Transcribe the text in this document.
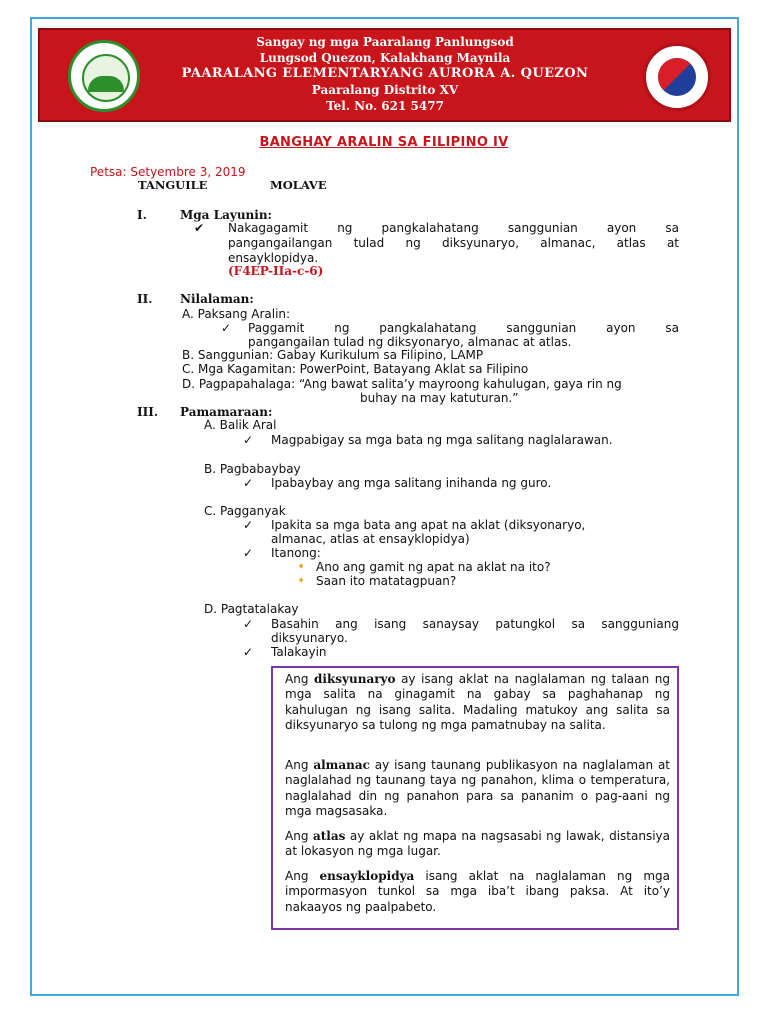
Sangay ng mga Paaralang Panlungsod
Lungsod Quezon, Kalakhang Maynila
PAARALANG ELEMENTARYANG AURORA A. QUEZON
Paaralang Distrito XV
Tel. No. 621 5477
BANGHAY ARALIN SA FILIPINO IV
Petsa: Setyembre 3, 2019
TANGUILE	MOLAVE
I.	Mga Layunin:
✔ Nakagagamit ng pangkalahatang sanggunian ayon sa
pangangailangan tulad ng diksyunaryo, almanac, atlas at
ensayklopidya.
(F4EP-IIa-c-6)
II. Nilalaman:
A. Paksang Aralin:
✓ Paggamit ng pangkalahatang sanggunian ayon sa
pangangailan tulad ng diksyonaryo, almanac at atlas.
B. Sanggunian: Gabay Kurikulum sa Filipino, LAMP
C. Mga Kagamitan: PowerPoint, Batayang Aklat sa Filipino
D. Pagpapahalaga: “Ang bawat salita’y mayroong kahulugan, gaya rin ng
buhay na may katuturan.”
III. Pamamaraan:
A. Balik Aral
✓ Magpabigay sa mga bata ng mga salitang naglalarawan.
B. Pagbabaybay
✓ Ipabaybay ang mga salitang inihanda ng guro.
C. Pagganyak
✓ Ipakita sa mga bata ang apat na aklat (diksyonaryo,
almanac, atlas at ensayklopidya)
✓ Itanong:
➧ Ano ang gamit ng apat na aklat na ito?
➧ Saan ito matatagpuan?
D. Pagtatalakay
✓ Basahin ang isang sanaysay patungkol sa sangguniang
diksyunaryo.
✓ Talakayin

Ang diksyunaryo ay isang aklat na naglalaman ng talaan ng mga salita na ginagamit na gabay sa paghahanap ng kahulugan ng isang salita. Madaling matukoy ang salita sa diksyunaryo sa tulong ng mga pamatnubay na salita.

Ang almanac ay isang taunang publikasyon na naglalaman at naglalahad ng taunang taya ng panahon, klima o temperatura, naglalahad din ng panahon para sa pananim o pag-aani ng mga magsasaka.

Ang atlas ay aklat ng mapa na nagsasabi ng lawak, distansiya at lokasyon ng mga lugar.

Ang ensayklopidya isang aklat na naglalaman ng mga impormasyon tunkol sa mga iba’t ibang paksa. At ito’y nakaayos ng paalpabeto.
